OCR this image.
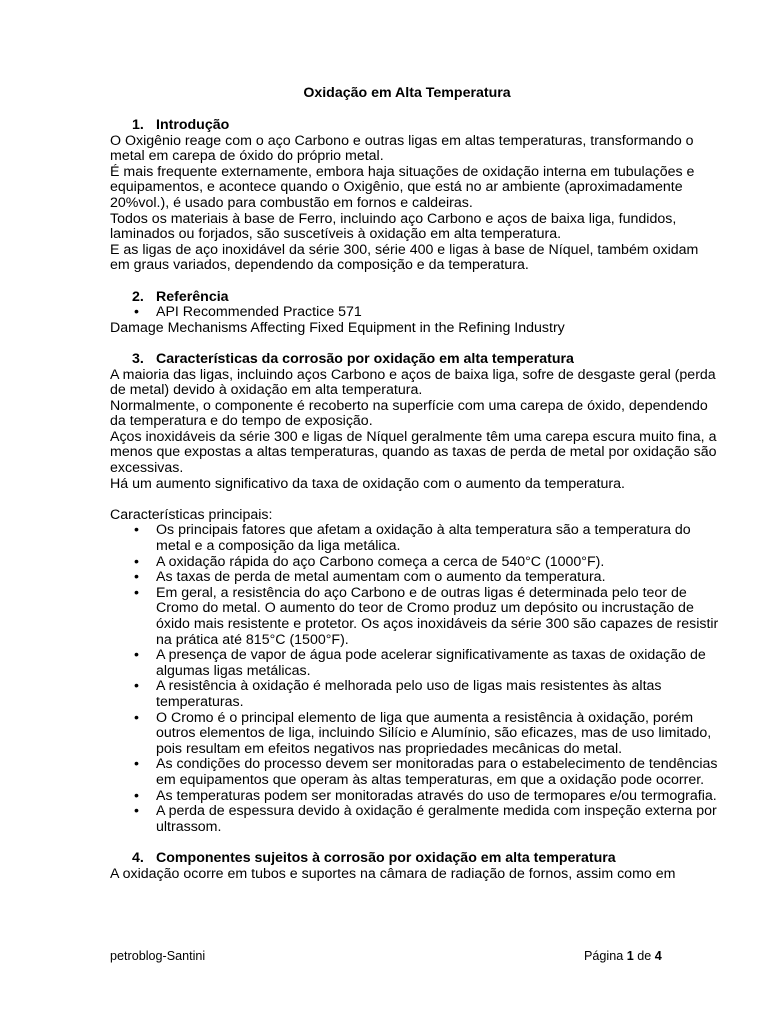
Oxidação em Alta Temperatura
1. Introdução

O Oxigênio reage com o aço Carbono e outras ligas em altas temperaturas, transformando o metal em carepa de óxido do próprio metal.

É mais frequente externamente, embora haja situações de oxidação interna em tubulações e equipamentos, e acontece quando o Oxigênio, que está no ar ambiente (aproximadamente 20%vol.), é usado para combustão em fornos e caldeiras.

Todos os materiais à base de Ferro, incluindo aço Carbono e aços de baixa liga, fundidos, laminados ou forjados, são suscetíveis à oxidação em alta temperatura.

E as ligas de aço inoxidável da série 300, série 400 e ligas à base de Níquel, também oxidam em graus variados, dependendo da composição e da temperatura.

2. Referência
• API Recommended Practice 571

Damage Mechanisms Affecting Fixed Equipment in the Refining Industry

3. Características da corrosão por oxidação em alta temperatura

A maioria das ligas, incluindo aços Carbono e aços de baixa liga, sofre de desgaste geral (perda de metal) devido à oxidação em alta temperatura.

Normalmente, o componente é recoberto na superfície com uma carepa de óxido, dependendo da temperatura e do tempo de exposição.

Aços inoxidáveis da série 300 e ligas de Níquel geralmente têm uma carepa escura muito fina, a menos que expostas a altas temperaturas, quando as taxas de perda de metal por oxidação são excessivas.

Há um aumento significativo da taxa de oxidação com o aumento da temperatura.

Características principais:

• Os principais fatores que afetam a oxidação à alta temperatura são a temperatura do metal e a composição da liga metálica.
• A oxidação rápida do aço Carbono começa a cerca de 540°C (1000°F).
• As taxas de perda de metal aumentam com o aumento da temperatura.
• Em geral, a resistência do aço Carbono e de outras ligas é determinada pelo teor de Cromo do metal. O aumento do teor de Cromo produz um depósito ou incrustação de óxido mais resistente e protetor. Os aços inoxidáveis da série 300 são capazes de resistir na prática até 815°C (1500°F).
• A presença de vapor de água pode acelerar significativamente as taxas de oxidação de algumas ligas metálicas.
• A resistência à oxidação é melhorada pelo uso de ligas mais resistentes às altas temperaturas.
• O Cromo é o principal elemento de liga que aumenta a resistência à oxidação, porém outros elementos de liga, incluindo Silício e Alumínio, são eficazes, mas de uso limitado, pois resultam em efeitos negativos nas propriedades mecânicas do metal.
• As condições do processo devem ser monitoradas para o estabelecimento de tendências em equipamentos que operam às altas temperaturas, em que a oxidação pode ocorrer.
• As temperaturas podem ser monitoradas através do uso de termopares e/ou termografia.
• A perda de espessura devido à oxidação é geralmente medida com inspeção externa por ultrassom.
4. Componentes sujeitos à corrosão por oxidação em alta temperatura

A oxidação ocorre em tubos e suportes na câmara de radiação de fornos, assim como em

petroblog-Santini	Página 1 de 4
